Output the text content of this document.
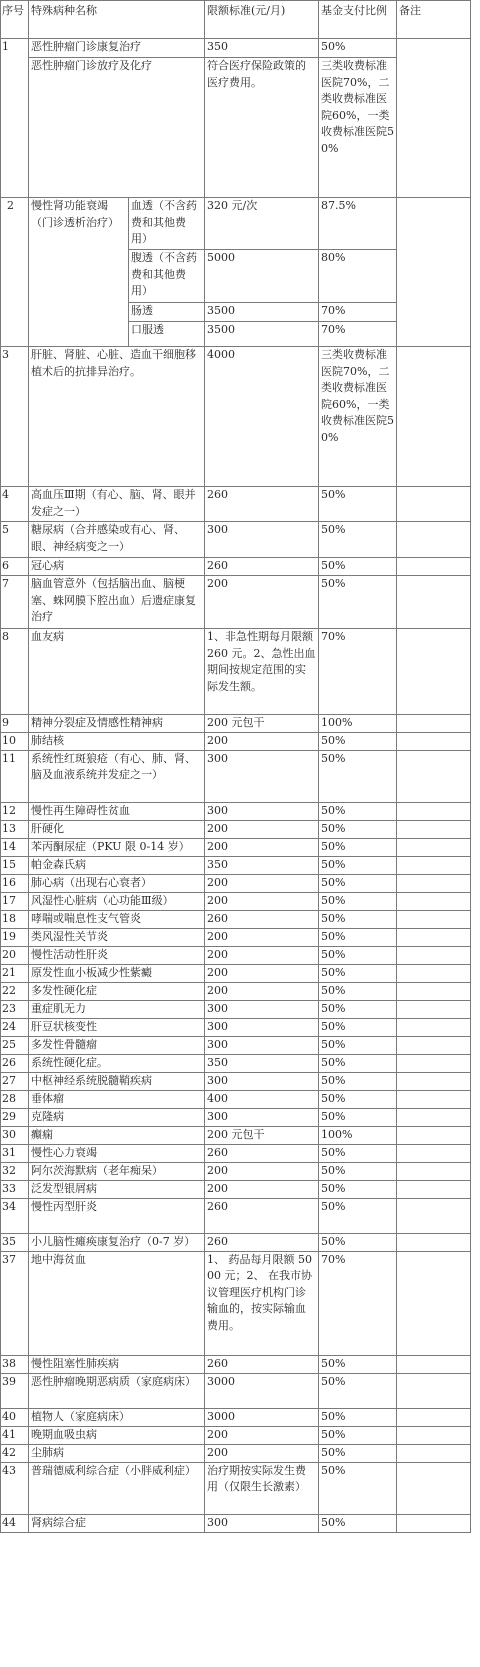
序号	特殊病种名称		限额标准(元/月)	基金支付比例	备注
1	恶性肿瘤门诊康复治疗		350	50%	
	恶性肿瘤门诊放疗及化疗		符合医疗保险政策的医疗费用。	三类收费标准医院70%，二类收费标准医院60%，一类收费标准医院50%	
2	慢性肾功能衰竭（门诊透析治疗）	血透（不含药费和其他费用）	320 元/次	87.5%	
		腹透（不含药费和其他费用）	5000	80%	
		肠透	3500	70%	
		口服透	3500	70%	
3	肝脏、肾脏、心脏、造血干细胞移植术后的抗排异治疗。		4000	三类收费标准医院70%，二类收费标准医院60%，一类收费标准医院50%	
4	高血压Ⅲ期（有心、脑、肾、眼并发症之一）		260	50%	
5	糖尿病（合并感染或有心、肾、眼、神经病变之一）		300	50%	
6	冠心病		260	50%	
7	脑血管意外（包括脑出血、脑梗塞、蛛网膜下腔出血）后遗症康复治疗		200	50%	
8	血友病		1、非急性期每月限额 260 元。2、急性出血期间按规定范围的实际发生额。	70%	
9	精神分裂症及情感性精神病		200 元包干	100%	
10	肺结核		200	50%	
11	系统性红斑狼疮（有心、肺、肾、脑及血液系统并发症之一）		300	50%	
12	慢性再生障碍性贫血		300	50%	
13	肝硬化		200	50%	
14	苯丙酮尿症（PKU 限 0-14 岁）		200	50%	
15	帕金森氏病		350	50%	
16	肺心病（出现右心衰者）		200	50%	
17	风湿性心脏病（心功能Ⅲ级）		200	50%	
18	哮喘或喘息性支气管炎		260	50%	
19	类风湿性关节炎		200	50%	
20	慢性活动性肝炎		200	50%	
21	原发性血小板减少性紫癜		200	50%	
22	多发性硬化症		200	50%	
23	重症肌无力		300	50%	
24	肝豆状核变性		300	50%	
25	多发性骨髓瘤		300	50%	
26	系统性硬化症。		350	50%	
27	中枢神经系统脱髓鞘疾病		300	50%	
28	垂体瘤		400	50%	
29	克隆病		300	50%	
30	癫痫		200 元包干	100%	
31	慢性心力衰竭		260	50%	
32	阿尔茨海默病（老年痴呆）		200	50%	
33	泛发型银屑病		200	50%	
34	慢性丙型肝炎		260	50%	
35	小儿脑性瘫痪康复治疗（0-7 岁）		260	50%	
37	地中海贫血		1、 药品每月限额 5000 元；2、 在我市协议管理医疗机构门诊输血的，按实际输血费用。	70%	
38	慢性阻塞性肺疾病		260	50%	
39	恶性肿瘤晚期恶病质（家庭病床）		3000	50%	
40	植物人（家庭病床）		3000	50%	
41	晚期血吸虫病		200	50%	
42	尘肺病		200	50%	
43	普瑞德威利综合症（小胖威利症）		治疗期按实际发生费用（仅限生长激素）	50%	
44	肾病综合症		300	50%	
